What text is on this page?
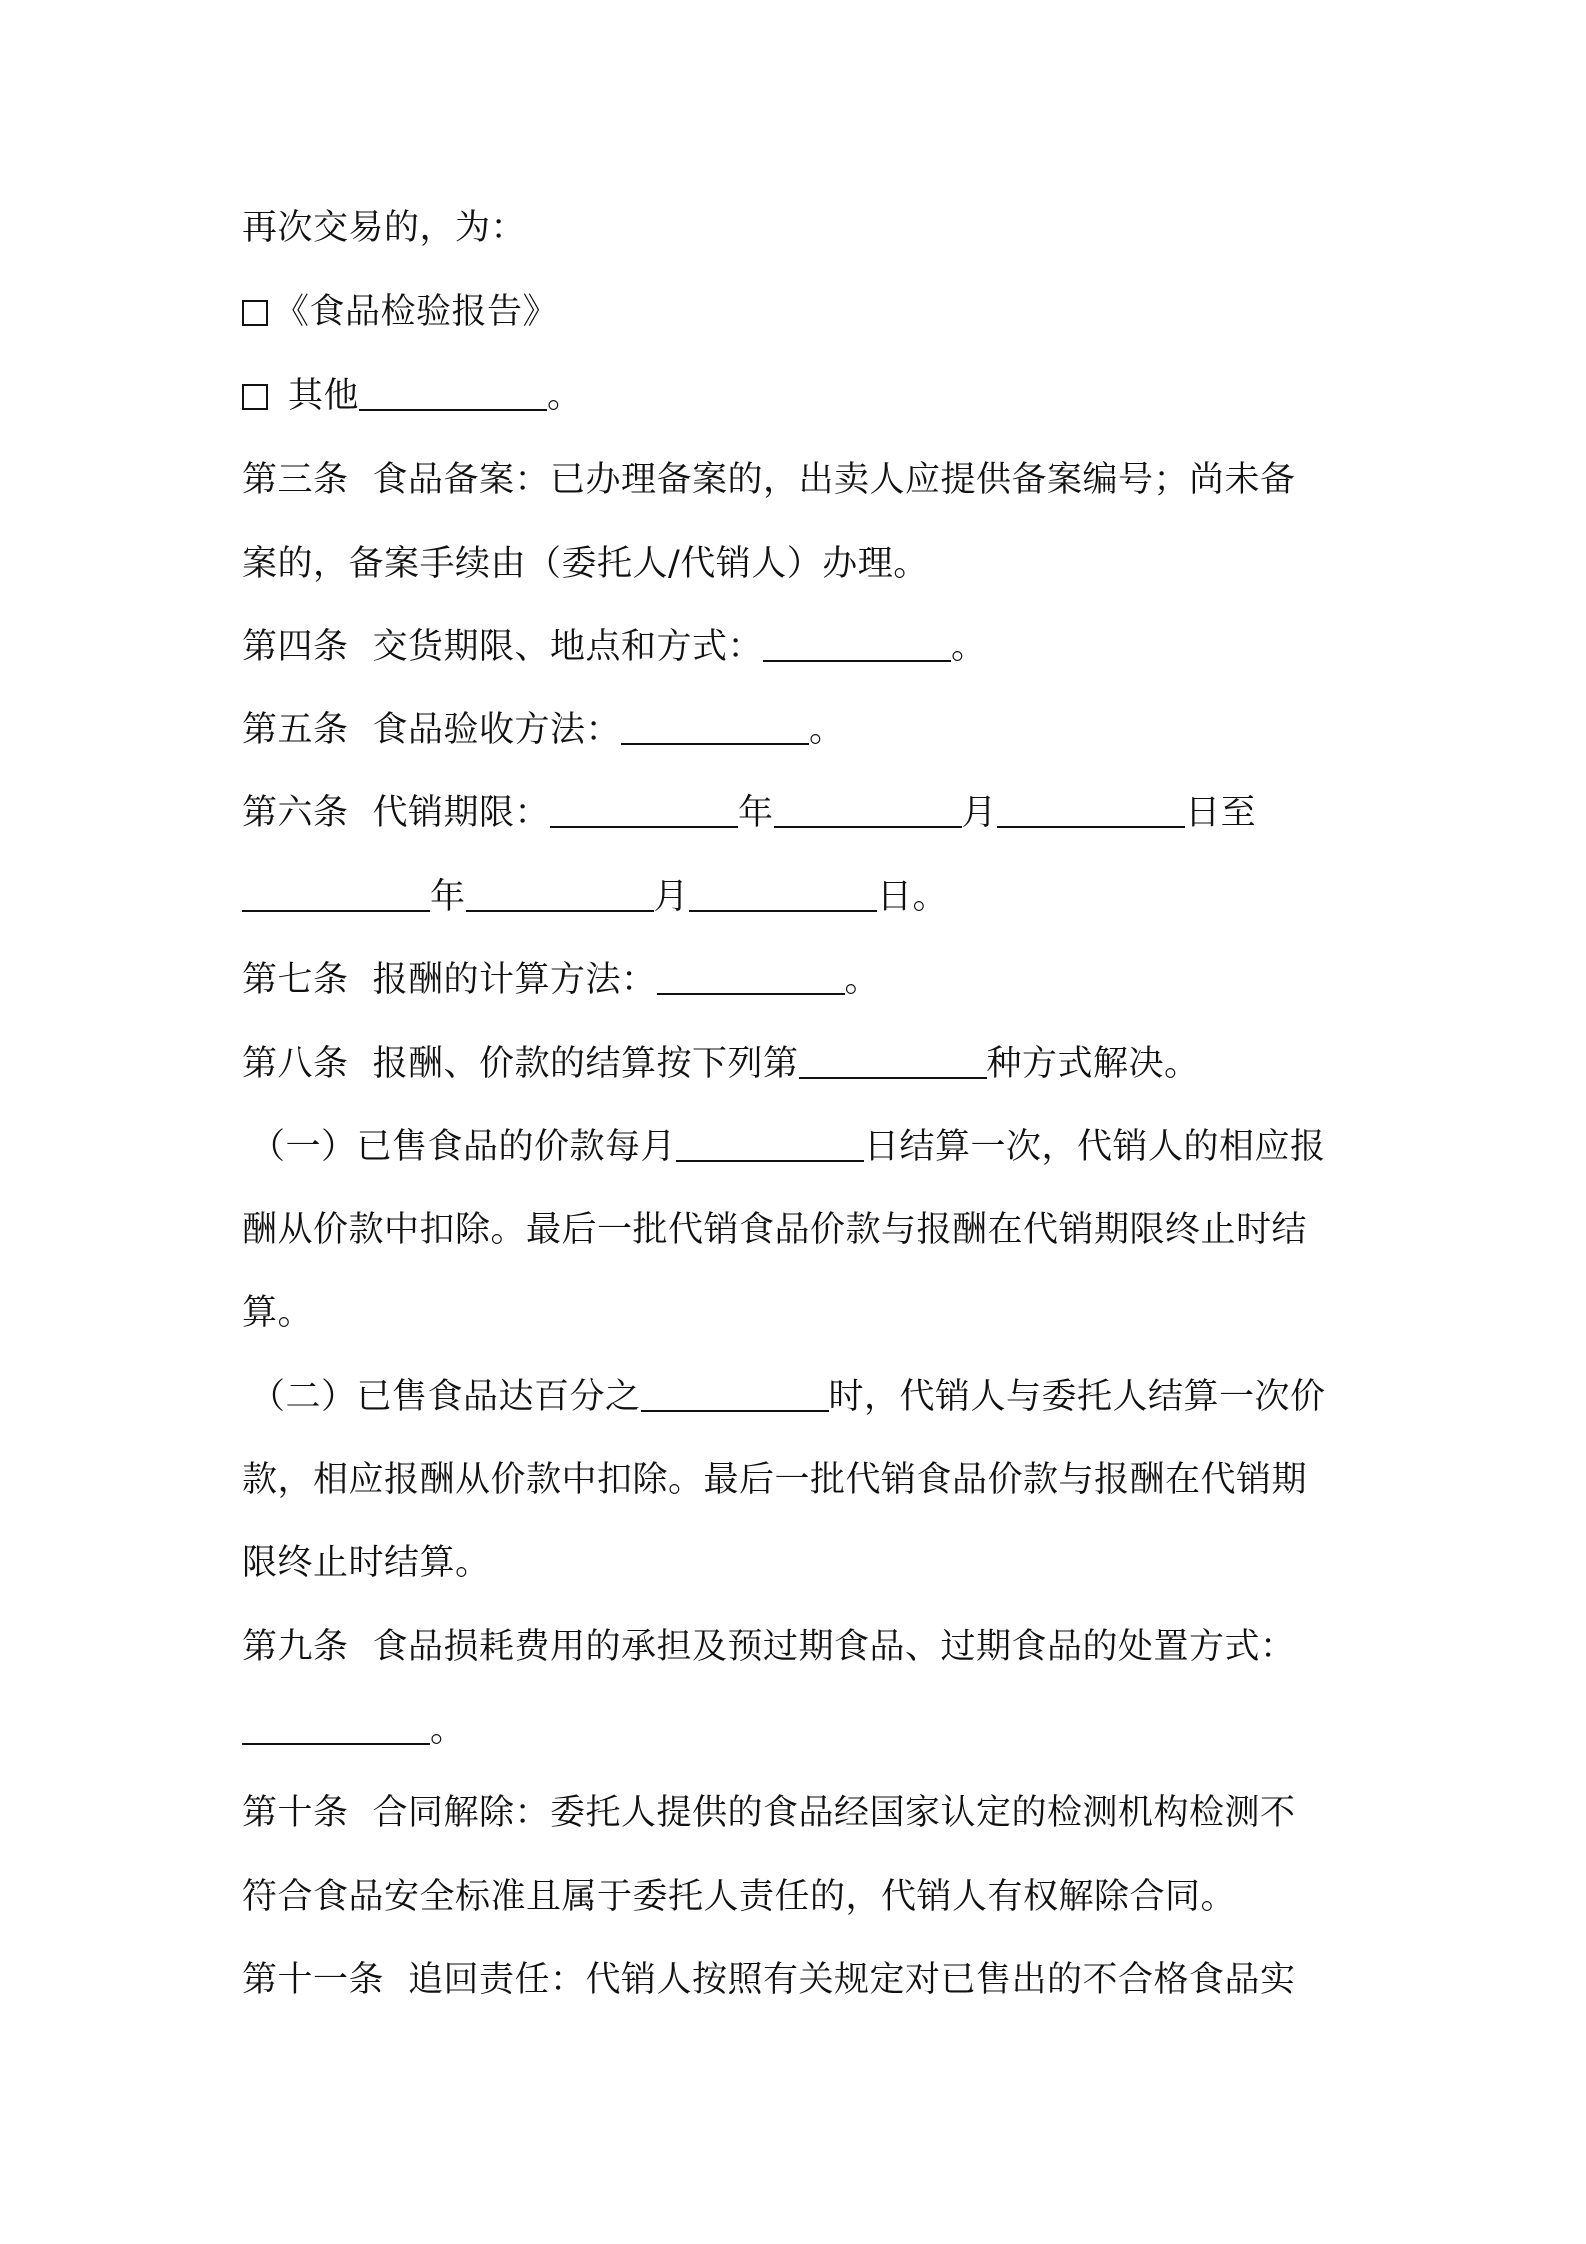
再次交易的，为：
《食品检验报告》
其他	。
第三条 食品备案：已办理备案的，出卖人应提供备案编号；尚未备
案的，备案手续由（委托人/代销人）办理。
第四条 交货期限、地点和方式：	。
第五条 食品验收方法：	。
第六条 代销期限：	年	月	日至
年	月	日。
第七条 报酬的计算方法：	。
第八条 报酬、价款的结算按下列第	种方式解决。
（一）已售食品的价款每月	日结算一次，代销人的相应报
酬从价款中扣除。最后一批代销食品价款与报酬在代销期限终止时结
算。
（二）已售食品达百分之	时，代销人与委托人结算一次价
款，相应报酬从价款中扣除。最后一批代销食品价款与报酬在代销期
限终止时结算。
第九条 食品损耗费用的承担及预过期食品、过期食品的处置方式：
。
第十条 合同解除：委托人提供的食品经国家认定的检测机构检测不
符合食品安全标准且属于委托人责任的，代销人有权解除合同。
第十一条 追回责任：代销人按照有关规定对已售出的不合格食品实
